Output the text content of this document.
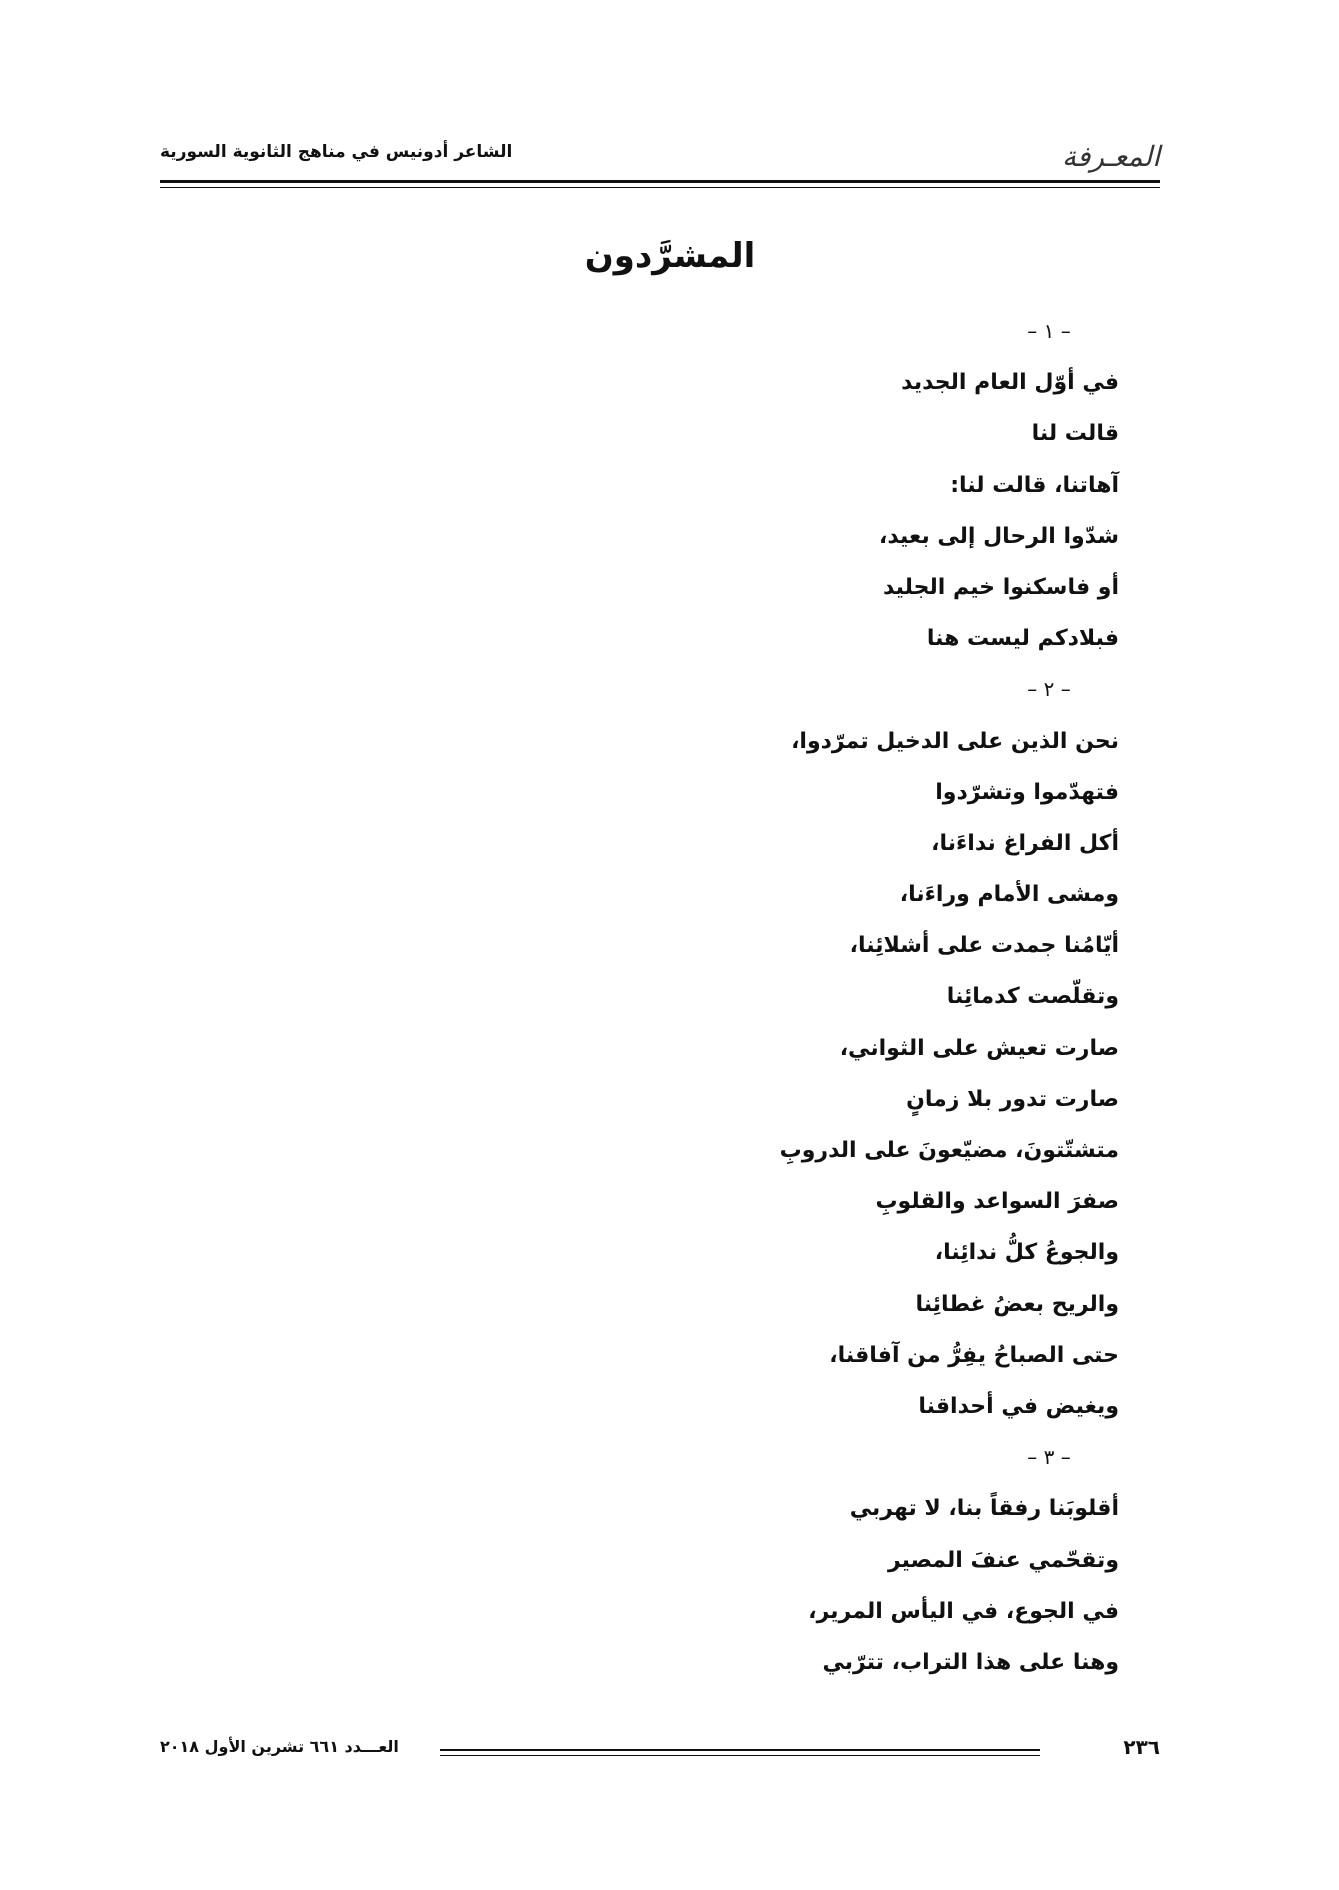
المعـرفة
الشاعر أدونيس في مناهج الثانوية السورية
المشرَّدون
– ١ –
في أوّل العام الجديد
قالت لنا
آهاتنا، قالت لنا:
شدّوا الرحال إلى بعيد،
أو فاسكنوا خيم الجليد
فبلادكم ليست هنا
– ٢ –
نحن الذين على الدخيل تمرّدوا،
فتهدّموا وتشرّدوا
أكل الفراغ نداءَنا،
ومشى الأمام وراءَنا،
أيّامُنا جمدت على أشلائِنا،
وتقلّصت كدمائِنا
صارت تعيش على الثواني،
صارت تدور بلا زمانٍ
متشتّتونَ، مضيّعونَ على الدروبِ
صفرَ السواعد والقلوبِ
والجوعُ كلُّ ندائِنا،
والريح بعضُ غطائِنا
حتى الصباحُ يفِرُّ من آفاقنا،
ويغيض في أحداقنا
– ٣ –
أقلوبَنا رفقاً بنا، لا تهربي
وتقحّمي عنفَ المصير
في الجوع، في اليأس المرير،
وهنا على هذا التراب، تترّبي
٢٣٦
العـــدد ٦٦١ تشرين الأول ٢٠١٨
